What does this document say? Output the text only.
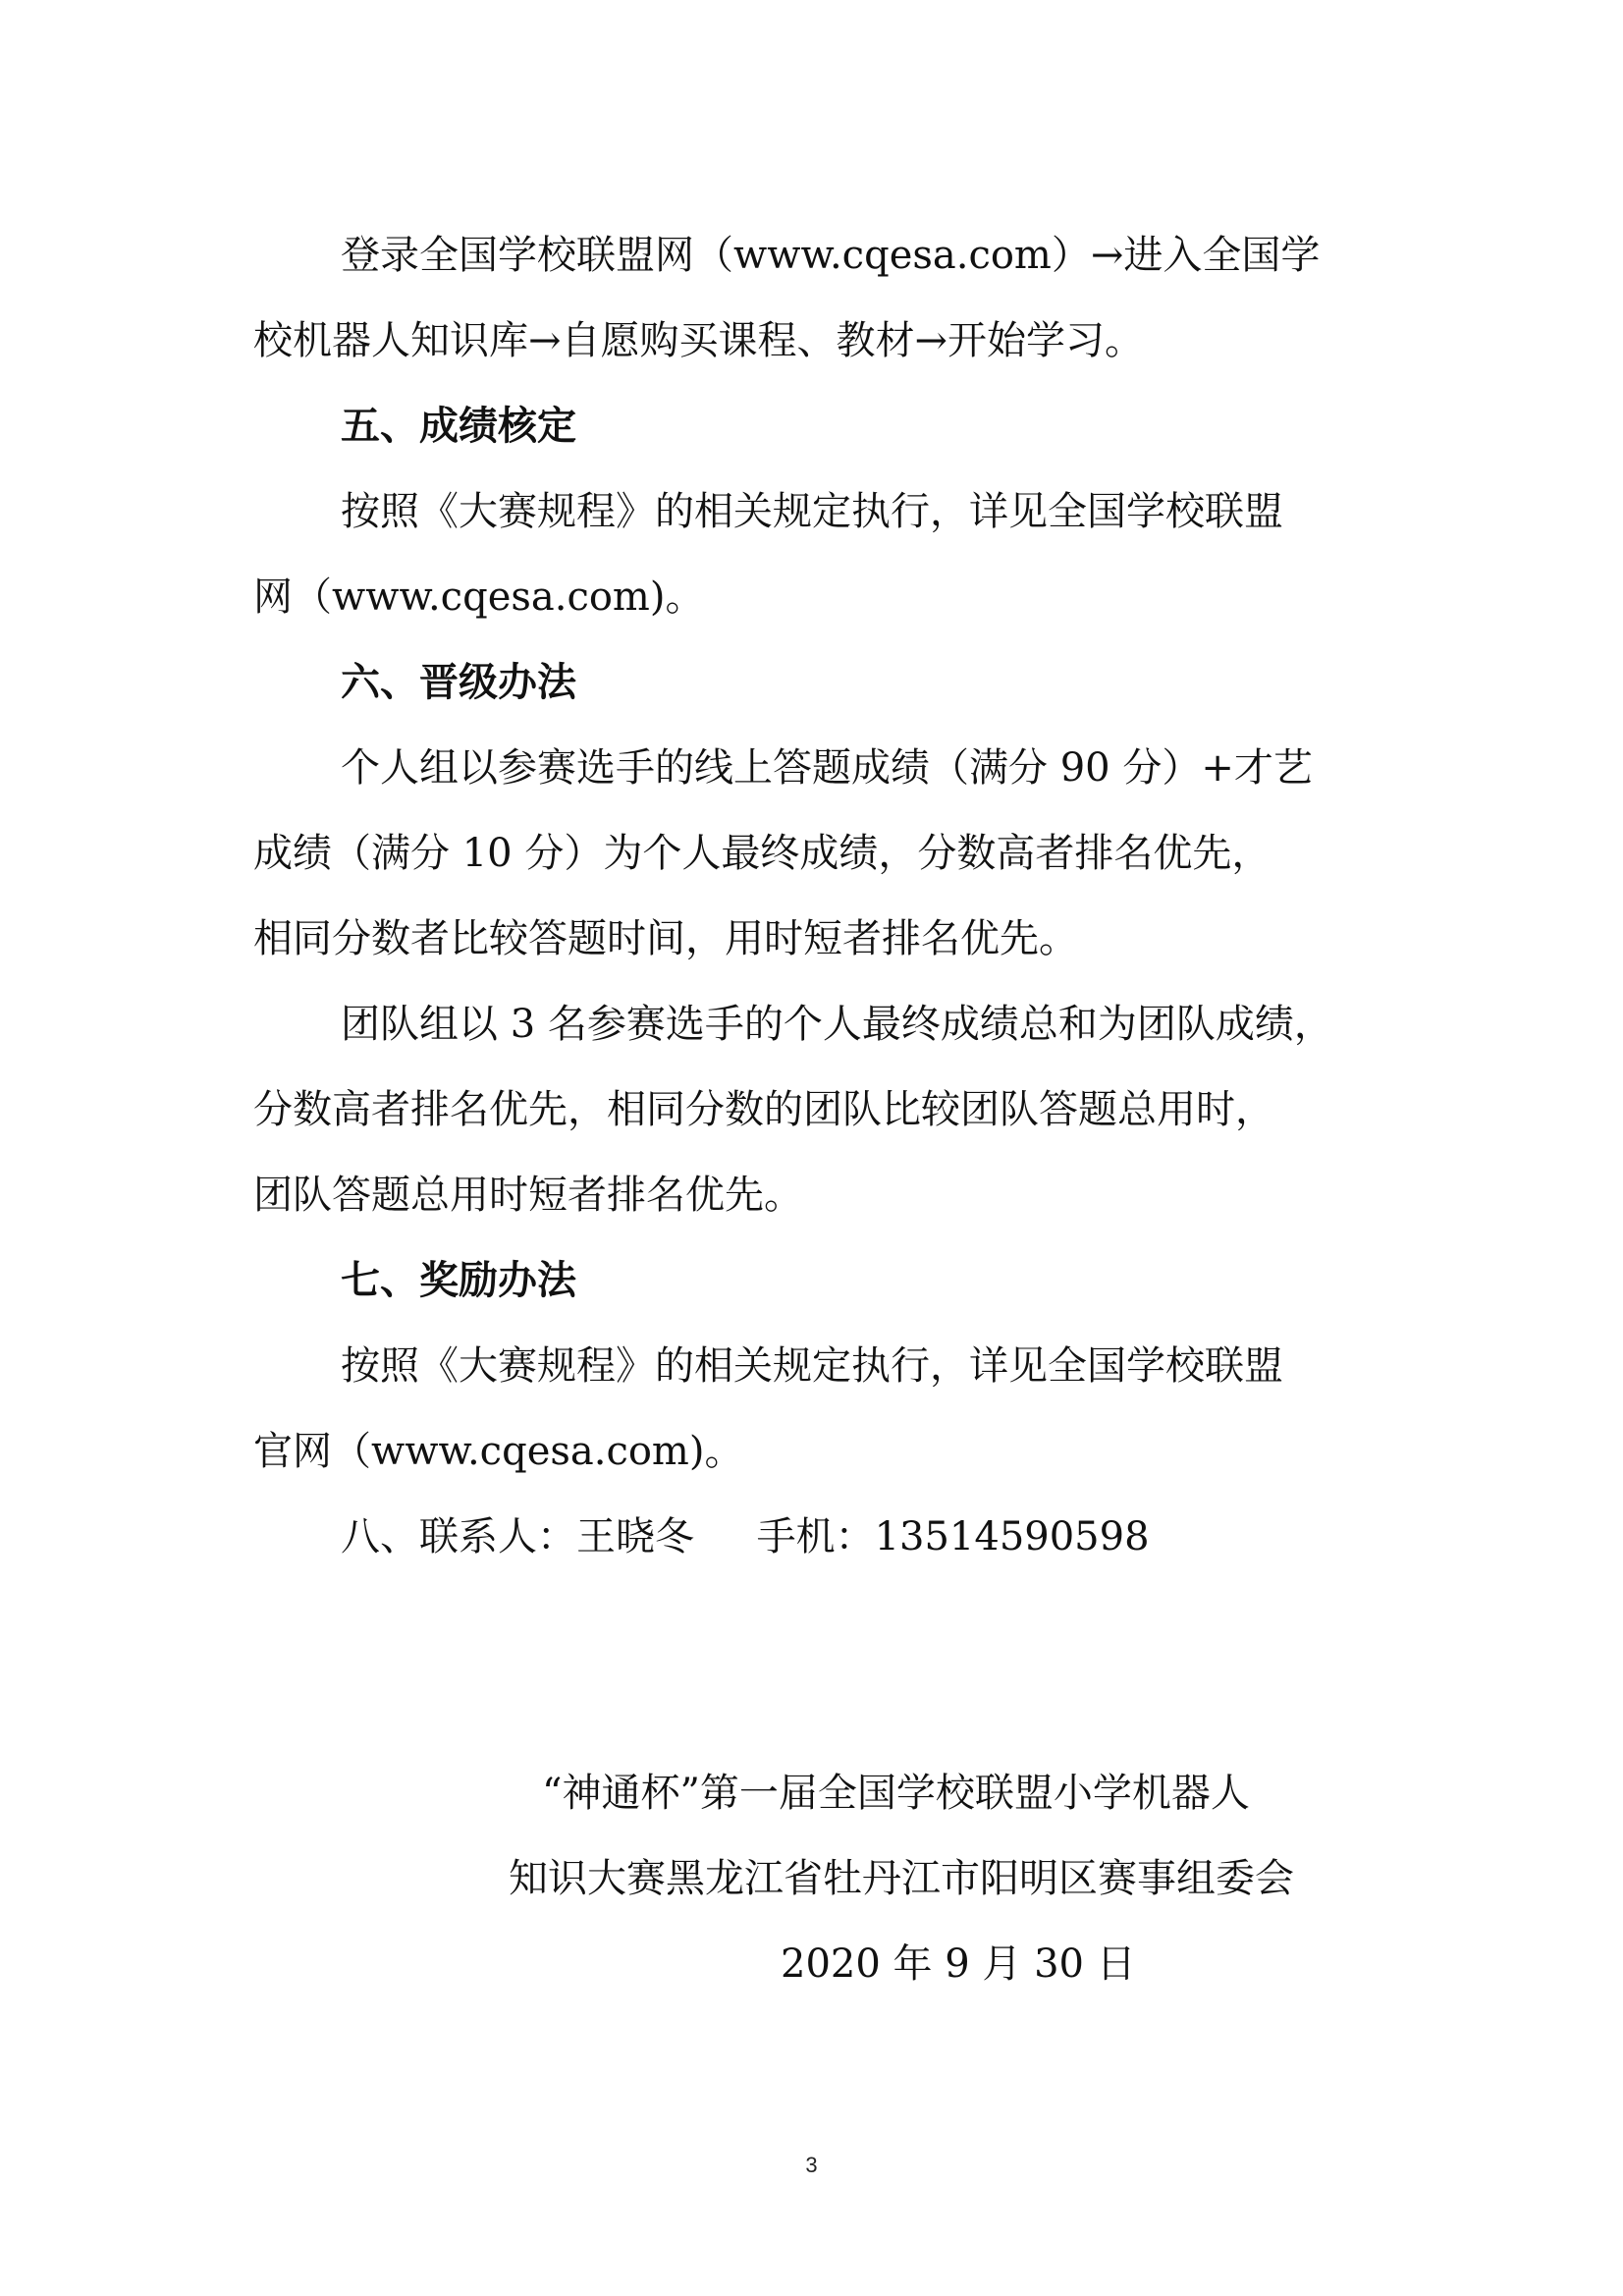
登录全国学校联盟网（www.cqesa.com）→进入全国学

校机器人知识库→自愿购买课程、教材→开始学习。

五、成绩核定

按照《大赛规程》的相关规定执行，详见全国学校联盟

网（www.cqesa.com)。

六、晋级办法

个人组以参赛选手的线上答题成绩（满分 90 分）+才艺

成绩（满分 10 分）为个人最终成绩，分数高者排名优先，

相同分数者比较答题时间，用时短者排名优先。

团队组以 3 名参赛选手的个人最终成绩总和为团队成绩，

分数高者排名优先，相同分数的团队比较团队答题总用时，

团队答题总用时短者排名优先。

七、奖励办法

按照《大赛规程》的相关规定执行，详见全国学校联盟

官网（www.cqesa.com)。

八、联系人：王晓冬     手机：13514590598

“神通杯”第一届全国学校联盟小学机器人

知识大赛黑龙江省牡丹江市阳明区赛事组委会

2020 年 9 月 30 日

3
